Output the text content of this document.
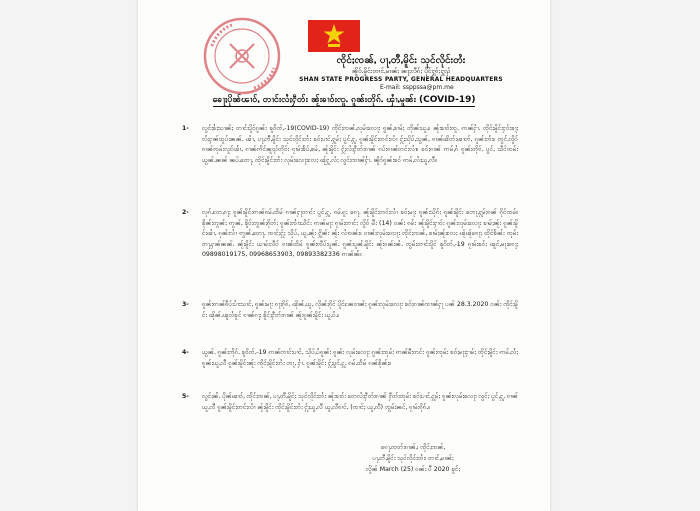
ၸိုင်ႈၸၼ်ႇ ပႃႇတီႇမိူင်း သုင်လိုင်းတႆး
ၼိူဝ်ႉမိူင်းတၢင်ႇမၢၼ်ႈ ၼႃႈလီၵ်ႈ ပိုင်ႁွၵ်ႈႁူၺ်
SHAN STATE PROGRESS PARTY, GENERAL HEADQUARTERS
E-mail: ssppssa@pm.me
ၶေႃႈပိုၼ်ၽၢဝ်ႇ တၢင်းလႆႈႁဵတ်း ၼႂ်းၶၢဝ်းၸူႉ ၵူၼ်းတိုၵ်ႉ ၾၢႆႇမူၼ်း (COVID-19)
1-	လွင်ႈၶႆႈသၢၼ်ႈ တၢင်းပိူင်ၵူၼ်း ၶူဝိတ်ႇ-19(COVID-19) ၸိုင်ႈၸၼ်ႇလုမ်းလေႃး ၵွၼ်ႇၶၢမ်ႈ တိုၼ်းယူႇ။ ၼႂ်းၶၢဝ်းၸူႉ ဢၼ်ႁၢႆႉ ၸိုင်ႈမိူင်းႁဝ်းၶႃႈ လႆႈႁၼ်ထူပ်းၼၼ်ႉ ၽၢႆႇ ပႃႇတီႇမိူင်း သုင်လိုင်းတႆး ၶဝ်ႈပၢင်ႇႁူမ်ႈ ပွင်ႇႁူႉ ၵူၼ်းမိူင်းတင်းလၢႆ ႁႂ်ႈသိုပ်ႇသွၼ်ႇ ၵၢၼ်ၽိတ်းၽၢတ်ႇ ၵူၼ်းတႆး။ တွင်ႉလိူဝ် ၵၢၼ်ၸုမ်းလူင်ၽၢႆႇ ၵၢၼ်ဢိင်ၼူၺ်တိုဝ်း ၵႂၢမ်းၶႅပ်ႇၶမ်ႇ ၼႂ်းမိူင်း ႁႂ်ႈလႆႈႁဵတ်းၵၢၼ် ၵပ်းၵၢၼ်တင်းလၢႆ။ ၶဝ်ႈၵၢၼ် ဢမ်ႇၵႆ ၵူၼ်းတိုၵ်ႉ ပွင်ႇ သဵင်ၸမ်း ယွၼ်ႉၼၼ် ၼပ်ႉတေႃႇ ၸိုင်ႈမိူင်းတႆး လုမ်းလေႃးလႄႈ ၽႂ်ႁူႉလႆႈ လွင်ႈၸၢၼ်ႁၢႆႉ ၼိူဝ်ၵူၼ်းၶဝ် ဢမ်ႇလႆႈယူႇလီ။
2-	လုၵ်ႉတႄႇၵႃႈ ၵူၼ်းမိူင်းဢၼ်ၵမ်ႉထႅမ် ၵၢၼ်ႁႃတၢင်း ပွင်ႇႁူႉ ၵမ်ႉၵူႈ ၵေႃႉ ၼႂ်းမိူင်းတင်းလၢႆ ၶဝ်ႈမႃး ၵူၼ်းသိုၵ်း ၵူၼ်းမိူင်း တေႃႇႁူမ်ႈၵၼ် ၵိုင်ၸမ်။ ၶိုၼ်းတွၼ်ႈ ဢွၼ်ႇ ၶိူဝ်းတွၼ်ႈၵိုတ်း ၵူၼ်းၸၢႆးယိင်း ဢၼ်မႃး ၵႂၢမ်းတၢင်း လိူဝ် မီး (14) ဝၼ်း ၵမ်း ၼႂ်းမိူင်းႁၢဝ်း ၵူၼ်းလုမ်းလေႃး ၶၢမ်ႈၼႂ်း ၵူၼ်းမိူင်းၽၢႆႇ ၵုၼ်းလၢႆ ဢွၼ်ႇတေႃႇ ၸၢင်ႈႁႂ်ႈ သိုပ်ႇ ယူႇၼႂ်း ႁိူၼ်း ၼႂ်း လၢႆဝၼ်း။ ဝၢၼ်ႈလုမ်းလေႃး ၸိုင်ႈၸၼ်ႇ ၶၢမ်ႈၼႂ်းလႄႈ ၽႂ်ၽႂ်ၵေႃႈ ထိုင်ၶႅၼ်း ၸုမ်းတႃႇႁၼ်ၼၼ်ႉ ၼႂ်းမိူင်း ယၢမ်းလဵဝ် ၵၢၼ်ထႅမ် ၵူၼ်းၸဵပ်းပူၼ်ႉ ၵူၼ်းပူၼ်ႉမိူင်း ၼႂ်းဝၼ်းၼႆႉ ၸွမ်းတၢင်းပိူင် ၶူဝိတ်ႇ-19 ၵႂၢမ်းၶဝ်ႈ ၽူင်ႇမႃးၵေႃႈ 09898019175, 09968653903, 09893382336 ဢၼ်ၼႆ။
3-	ၵူၼ်းဢၼ်ၵဵပ်းပၢႆးသၢင်ႇ ၵူၼ်းမႃး ၵႃႈၵိုၵ်ႉ ၽိုၼ်ႉယူႇ လိုၼ်ႈၵိုင် ပိူင်ၼႄဝၢၼ်ႈ ၵူၼ်းလုမ်းလေႃး ၶဝ်ႈၵၢၼ်ၸၢၼ်ႁႃ ပၼ် 28.3.2020 ဝၼ်း ၸိုင်ႈမိူင်း ၽိုၼ်ႉၽူလႆၶူင် ၵၢၼ်ၵႃႈ ၶိူင်ႈႁဵတ်းၵၢၼ် ၼႂ်းၵူၼ်းမိူင်း ယူႇဝႆႉ။
4-	ယွၼ်ႉ ၵူၼ်းတိုၵ်ႉ ၶူဝိတ်ႇ-19 ဢၼ်တၢင်းပၢင်ႇ သိုပ်ႇပႆၵူၼ်း ၵူၼ်း လုမ်းလေႃး ၵူၼ်းၸုမ်း ဢၼ်မီးတင်း ၵူၼ်းၸုမ်း ၶဝ်ႈမႃးႁၢမ်ႈ ၸိုင်ႈမိူင်း ဢမ်ႇလႆႈ ၵူၼ်းယူႇလီ ၵူၼ်းမိူင်းၼႂ်း ၸိုင်ႈမိူင်းတႆး တႃႇ ႁၢႆႉ ၵူၼ်းမိူင်း ႁႂ်ႈပွင်ႇႁူႉ ၵမ်ႉထႅမ် ၵၼ်ၶိုၼ်း။
5-	လွင်ႈၼႆႉ ပိုၼ်ၽၢဝ်ႇ ၸိုင်ႈၸၼ်ႇ ပႃႇတီႇမိူင်း သုင်လိုင်းတႆး ၼႂ်းၶၢဝ်း တေလႆႈႁဵတ်းၵၢၼ် ႁဵတ်းၸုမ်း ၶဝ်ႈပၢင်ႇႁူမ်ႈ ၵူၼ်းလုမ်းလေႃး လွင်ႈ ပွင်ႇႁူႉ ၵၢၼ်ယူႇလီ ၵူၼ်းမိူင်းတင်းလၢႆ ၼႂ်းမိူင်း ၸိုင်ႈမိူင်းတႆး ႁႂ်ႈယူႇလီ ယူႇလီၵၢင်ႇ (ၸၢင်ႈ ယူႇလီ) ၸွမ်းၼင်ႇ ၵႂၢမ်းၵိုၵ်ႉ။
ၵေႃႉၸတ်းၵၢၼ်ႇ၊ ၸိုင်ႈၸၼ်ႇ
ပႃႇတီႇမိူင်း သုင်လိုင်းတႆး၊ တၢင်ႇမၢၼ်ႈ
လိူၼ် March (25) ဝၼ်း ပီ 2020 ၶူင်ႈ
